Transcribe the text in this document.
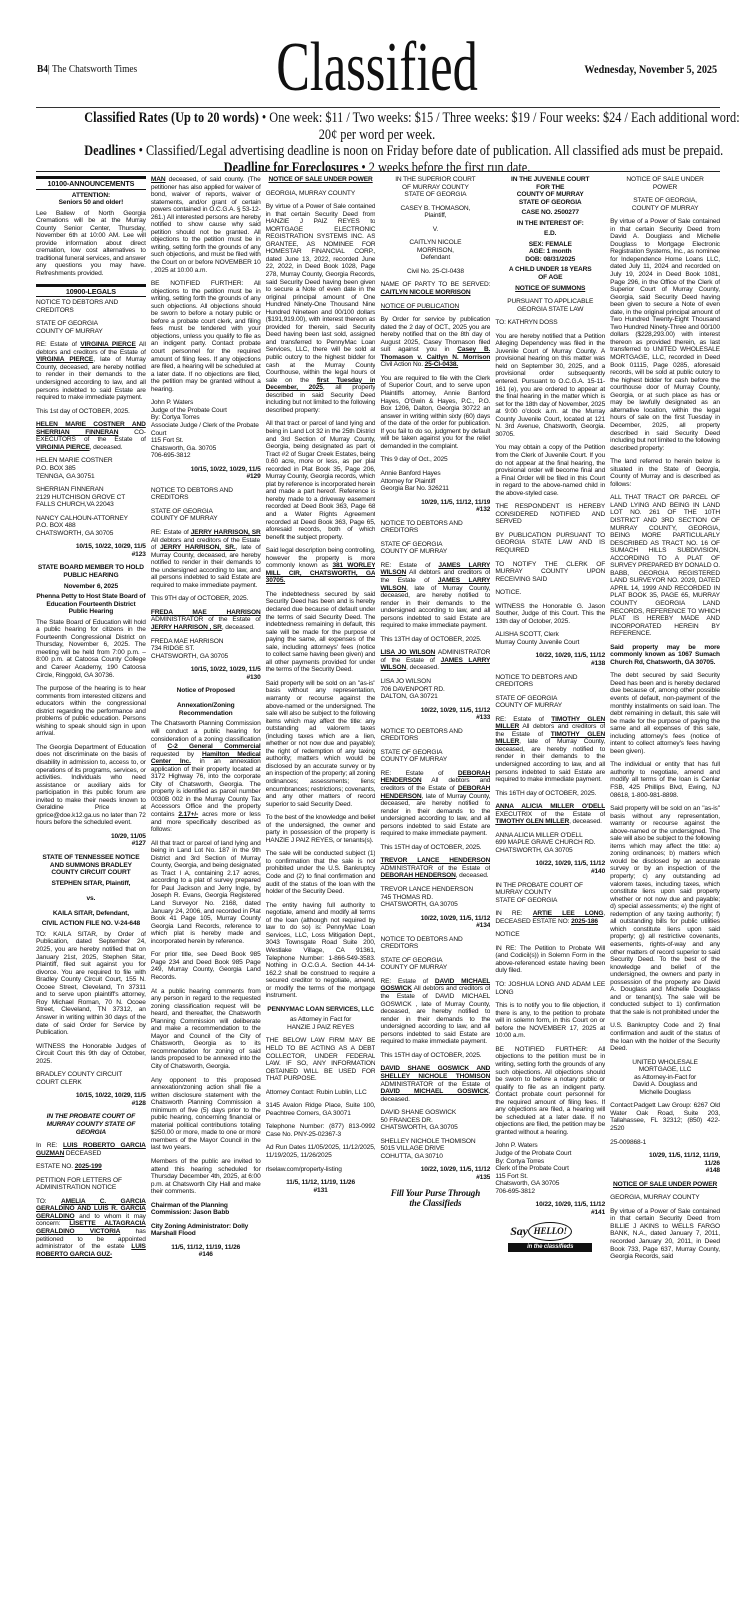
B4| The Chatsworth Times	Classified	Wednesday, November 5, 2025
Classified Rates (Up to 20 words) • One week: $11 / Two weeks: $15 / Three weeks: $19 / Four weeks: $24 / Each additional word:
20¢ per word per week.
Deadlines • Classified/Legal advertising deadline is noon on Friday before date of publication. All classified ads must be prepaid.
Deadline for Foreclosures • 2 weeks before the first run date.
10100-ANNOUNCEMENTS
ATTENTION:
Seniors 50 and older!
Lee Ballew of North Georgia Cremations will be at the Murray County Senior Center, Thursday, November 6th at 10:00 AM. Lee will provide information about direct cremation, low cost alternatives to traditional funeral services, and answer any questions you may have. Refreshments provided.
10900-LEGALS
NOTICE TO DEBTORS AND CREDITORS
STATE OF GEORGIA
COUNTY OF MURRAY
RE: Estate of VIRGINIA PIERCE All debtors and creditors of the Estate of VIRGINIA PIERCE, late of Murray County, deceased, are hereby notified to render in their demands to the undersigned according to law, and all persons indebted to said Estate are required to make immediate payment.
This 1st day of OCTOBER, 2025.
HELEN MARIE COSTNER AND SHERRIAN FINNERAN CO-EXECUTORS of the Estate of VIRGINIA PIERCE, deceased.
HELEN MARIE COSTNER
P.O. BOX 385
TENNGA, GA 30751
SHERRIAN FINNERAN
2129 HUTCHISON GROVE CT
FALLS CHURCH,VA 22043
NANCY CALHOUN-ATTORNEY
P.O. BOX 488
CHATSWORTH, GA 30705
10/15, 10/22, 10/29, 11/5
#123
STATE BOARD MEMBER TO HOLD PUBLIC HEARING
November 6, 2025
Phenna Petty to Host State Board of Education Fourteenth District Public Hearing
The State Board of Education will hold a public hearing for citizens in the Fourteenth Congressional District on Thursday, November 6, 2025. The meeting will be held from 7:00 p.m. – 8:00 p.m. at Catoosa County College and Career Academy, 190 Catoosa Circle, Ringgold, GA 30736.
The purpose of the hearing is to hear comments from interested citizens and educators within the congressional district regarding the performance and problems of public education. Persons wishing to speak should sign in upon arrival.
The Georgia Department of Education does not discriminate on the basis of disability in admission to, access to, or operations of its programs, services, or activities. Individuals who need assistance or auxiliary aids for participation in this public forum are invited to make their needs known to Geraldine Price at gprice@doe.k12.ga.us no later than 72 hours before the scheduled event.
10/29, 11/05
#127
STATE OF TENNESSEE NOTICE AND SUMMONS BRADLEY COUNTY CIRCUIT COURT
STEPHEN SITAR, Plaintiff,

vs.

KAILA SITAR, Defendant,
CIVIL ACTION FILE NO. V-24-648
TO: KAILA SITAR, by Order of Publication, dated September 24, 2025, you are hereby notified that on January 21st, 2025, Stephen Sitar, Plaintiff, filed suit against you for divorce. You are required to file with Bradley County Circuit Court, 155 N. Ocoee Street, Cleveland, Tn 37311 and to serve upon plaintiff's attorney, Roy Michael Roman, 70 N. Ocoee Street, Cleveland, TN 37312, an Answer in writing within 30 days of the date of said Order for Service by Publication.
WITNESS the Honorable Judges of Circuit Court this 9th day of October, 2025.
BRADLEY COUNTY CIRCUIT COURT CLERK
10/15, 10/22, 10/29, 11/5
#128
IN THE PROBATE COURT OF MURRAY COUNTY STATE OF GEORGIA
In RE: LUIS ROBERTO GARCIA GUZMAN DECEASED
ESTATE NO. 2025-199
PETITION FOR LETTERS OF ADMINISTRATION NOTICE
TO: AMELIA C. GARCIA GERALDINO AND LUIS R. GARCIA GERALDINO and to whom it may concern: LISETTE ALTAGRACIA GERALDINO VICTORIA has petitioned to be appointed administrator of the estate LUIS ROBERTO GARCIA GUZ-
MAN deceased, of said county. (The petitioner has also applied for waiver of bond, waiver of reports, waiver of statements, and/or grant of certain powers contained in O.C.G.A. § 53-12-261.) All interested persons are hereby notified to show cause why said petition should not be granted. All objections to the petition must be in writing, setting forth the grounds of any such objections, and must be filed with the Court on or before NOVEMBER 10 , 2025 at 10:00 a.m.
BE NOTIFIED FURTHER: All objections to the petition must be in writing, setting forth the grounds of any such objections. All objections should be sworn to before a notary public or before a probate court clerk, and filing fees must be tendered with your objections, unless you qualify to file as an indigent party. Contact probate court personnel for the required amount of filing fees. If any objections are filed, a hearing will be scheduled at a later date. If no objections are filed, the petition may be granted without a hearing.
John P. Waters
Judge of the Probate Court
By: Cortya Torres
Associate Judge / Clerk of the Probate Court
115 Fort St.
Chatsworth, Ga. 30705
706-695-3812
10/15, 10/22, 10/29, 11/5
#129
NOTICE TO DEBTORS AND CREDITORS
STATE OF GEORGIA
COUNTY OF MURRAY
RE: Estate of JERRY HARRISON, SR All debtors and creditors of the Estate of JERRY HARRISON, SR., late of Murray County, deceased, are hereby notified to render in their demands to the undersigned according to law, and all persons indebted to said Estate are required to make immediate payment.
This 9TH day of OCTOBER, 2025.
FREDA MAE HARRISON ADMINISTRATOR of the Estate of JERRY HARRISON , SR, deceased.
FREDA MAE HARRISON
734 RIDGE ST.
CHATSWORTH, GA 30705
10/15, 10/22, 10/29, 11/5
#130
Notice of Proposed

Annexation/Zoning Recommendation
The Chatsworth Planning Commission will conduct a public hearing for consideration of a zoning classification of C-2 General Commercial requested by Hamilton Medical Center Inc. in an annexation application of their property located at 3172 Highway 76, into the corporate City of Chatsworth, Georgia. The property is identified as parcel number 0030B 002 in the Murray County Tax Accessors Office and the property contains 2.17+/- acres more or less and more specifically described as follows:
All that tract or parcel of land lying and being in Land Lot No. 187 in the 9th District and 3rd Section of Murray County, Georgia, and being designated as Tract I A, containing 2.17 acres, according to a plat of survey prepared for Paul Jackson and Jerry Ingle, by Joseph R. Evans, Georgia Registered Land Surveyor No. 2168, dated January 24, 2006, and recorded in Plat Book 41 Page 105, Murray County Georgia Land Records, reference to which plat is hereby made and incorporated herein by reference.
For prior title, see Deed Book 985 Page 234 and Deed Book 985 Page 249, Murray County, Georgia Land Records.
At a public hearing comments from any person in regard to the requested zoning classification request will be heard, and thereafter, the Chatsworth Planning Commission will deliberate and make a recommendation to the Mayor and Council of the City of Chatsworth, Georgia as to its recommendation for zoning of said lands proposed to be annexed into the City of Chatsworth, Georgia.
Any opponent to this proposed annexation/zoning action shall file a written disclosure statement with the Chatsworth Planning Commission a minimum of five (5) days prior to the public hearing, concerning financial or material political contributions totaling $250.00 or more, made to one or more members of the Mayor Council in the last two years.
Members of the public are invited to attend this hearing scheduled for Thursday December 4th, 2025, at 6:00 p.m. at Chatsworth City Hall and make their comments.
Chairman of the Planning Commission: Jason Babb
City Zoning Administrator: Dolly Marshall Flood
11/5, 11/12, 11/19, 11/26
#146
NOTICE OF SALE UNDER POWER
GEORGIA, MURRAY COUNTY
By virtue of a Power of Sale contained in that certain Security Deed from HANZIE J PAIZ REYES to MORTGAGE ELECTRONIC REGISTRATION SYSTEMS INC. AS GRANTEE, AS NOMINEE FOR HOMESTAR FINANCIAL CORP., dated June 13, 2022, recorded June 22, 2022, in Deed Book 1028, Page 278, Murray County, Georgia Records, said Security Deed having been given to secure a Note of even date in the original principal amount of One Hundred Ninety-One Thousand Nine Hundred Nineteen and 00/100 dollars ($191,919.00), with interest thereon as provided for therein, said Security Deed having been last sold, assigned and transferred to PennyMac Loan Services, LLC, there will be sold at public outcry to the highest bidder for cash at the Murray County Courthouse, within the legal hours of sale on the first Tuesday in December, 2025, all property described in said Security Deed including but not limited to the following described property:
All that tract or parcel of land lying and being in Land Lot 32 in the 25th District and 3rd Section of Murray County, Georgia, being designated as part of Tract #2 of Sugar Creek Estates, being 0.60 acre, more or less, as per plat recorded in Plat Book 35, Page 206, Murray County, Georgia records, which plat by reference is incorporated herein and made a part hereof. Reference is hereby made to a driveway easement recorded at Deed Book 363, Page 68 and a Water Rights Agreement recorded at Deed Book 363, Page 65, aforesaid records, both of which benefit the subject property.
Said legal description being controlling, however the property is more commonly known as 381 WORLEY MILL CIR, CHATSWORTH, GA 30705.
The indebtedness secured by said Security Deed has been and is hereby declared due because of default under the terms of said Security Deed. The indebtedness remaining in default, this sale will be made for the purpose of paying the same, all expenses of the sale, including attorneys' fees (notice to collect same having been given) and all other payments provided for under the terms of the Security Deed.
Said property will be sold on an "as-is" basis without any representation, warranty or recourse against the above-named or the undersigned. The sale will also be subject to the following items which may affect the title: any outstanding ad valorem taxes (including taxes which are a lien, whether or not now due and payable); the right of redemption of any taxing authority; matters which would be disclosed by an accurate survey or by an inspection of the property; all zoning ordinances; assessments; liens; encumbrances; restrictions; covenants, and any other matters of record superior to said Security Deed.
To the best of the knowledge and belief of the undersigned, the owner and party in possession of the property is HANZIE J PAIZ REYES, or tenants(s).
The sale will be conducted subject (1) to confirmation that the sale is not prohibited under the U.S. Bankruptcy Code and (2) to final confirmation and audit of the status of the loan with the holder of the Security Deed.
The entity having full authority to negotiate, amend and modify all terms of the loan (although not required by law to do so) is: PennyMac Loan Services, LLC, Loss Mitigation Dept., 3043 Townsgate Road Suite 200, Westlake Village, CA 91361, Telephone Number: 1-866-549-3583. Nothing in O.C.G.A. Section 44-14-162.2 shall be construed to require a secured creditor to negotiate, amend, or modify the terms of the mortgage instrument.
PENNYMAC LOAN SERVICES, LLC
as Attorney in Fact for
HANZIE J PAIZ REYES
THE BELOW LAW FIRM MAY BE HELD TO BE ACTING AS A DEBT COLLECTOR, UNDER FEDERAL LAW. IF SO, ANY INFORMATION OBTAINED WILL BE USED FOR THAT PURPOSE.
Attorney Contact: Rubin Lublin, LLC
3145 Avalon Ridge Place, Suite 100, Peachtree Corners, GA 30071
Telephone Number: (877) 813-0992 Case No. PNY-25-02367-3
Ad Run Dates 11/05/2025, 11/12/2025, 11/19/2025, 11/26/2025
rlselaw.com/property-listing
11/5, 11/12, 11/19, 11/26
#131
IN THE SUPERIOR COURT
OF MURRAY COUNTY
STATE OF GEORGIA
CASEY B. THOMASON,
Plaintiff,
V.
CAITLYN NICOLE
MORRISON,
Defendant
Civil No. 25-CI-0438
NAME OF PARTY TO BE SERVED: CAITLYN NICOLE MORRISON
NOTICE OF PUBLICATION
By Order for service by publication dated the 2 day of OCT., 2025 you are hereby notified that on the 8th day of August 2025, Casey Thomason filed suit against you in Casey B. Thomason v. Caitlyn N. Morrison Civil Action No. 25-CI-0438.
You are required to file with the Clerk of Superior Court, and to serve upon Plaintiffs attorney, Annie Banford Hayes, O'Gwin & Hayes, P.C., P.O. Box 1206, Dalton, Georgia 30722 an answer in writing within sixty (60) days of the date of the order for publication. If you fail to do so, judgment by default will be taken against you for the relief demanded in the complaint.
This 9 day of Oct., 2025
Annie Banford Hayes
Attorney for Plaintiff
Georgia Bar No. 326211
10/29, 11/5, 11/12, 11/19
#132
NOTICE TO DEBTORS AND CREDITORS
STATE OF GEORGIA
COUNTY OF MURRAY
RE: Estate of JAMES LARRY WILSON All debtors and creditors of the Estate of JAMES LARRY WILSON, late of Murray County, deceased, are hereby notified to render in their demands to the undersigned according to law, and all persons indebted to said Estate are required to make immediate payment.
This 13TH day of OCTOBER, 2025.
LISA JO WILSON ADMINISTRATOR of the Estate of JAMES LARRY WILSON, deceased.
LISA JO WILSON
706 DAVENPORT RD.
DALTON, GA 30721
10/22, 10/29, 11/5, 11/12
#133
NOTICE TO DEBTORS AND CREDITORS
STATE OF GEORGIA
COUNTY OF MURRAY
RE: Estate of DEBORAH HENDERSON All debtors and creditors of the Estate of DEBORAH HENDERSON, late of Murray County, deceased, are hereby notified to render in their demands to the undersigned according to law, and all persons indebted to said Estate are required to make immediate payment.
This 15TH day of OCTOBER, 2025.
TREVOR LANCE HENDERSON ADMINISTRATOR of the Estate of DEBORAH HENDERSON, deceased.
TREVOR LANCE HENDERSON
745 THOMAS RD.
CHATSWORTH, GA 30705
10/22, 10/29, 11/5, 11/12
#134
NOTICE TO DEBTORS AND CREDITORS
STATE OF GEORGIA
COUNTY OF MURRAY
RE: Estate of DAVID MICHAEL GOSWICK All debtors and creditors of the Estate of DAVID MICHAEL GOSWICK , late of Murray County, deceased, are hereby notified to render in their demands to the undersigned according to law, and all persons indebted to said Estate are required to make immediate payment.
This 15TH day of OCTOBER, 2025.
DAVID SHANE GOSWICK AND SHELLEY NICHOLE THOMISON ADMINISTRATOR of the Estate of DAVID MICHAEL GOSWICK, deceased.
DAVID SHANE GOSWICK
50 FRANCES DR.
CHATSWORTH, GA 30705
SHELLEY NICHOLE THOMISON
5015 VILLAGE DRIVE
COHUTTA, GA 30710
10/22, 10/29, 11/5, 11/12
#135
Fill Your Purse Through
the Classifieds
IN THE JUVENILE COURT
FOR THE
COUNTY OF MURRAY
STATE OF GEORGIA
CASE NO. 2500277
IN THE INTEREST OF:
E.D.
SEX: FEMALE
AGE: 1 month
DOB: 08/31/2025
A CHILD UNDER 18 YEARS
OF AGE
NOTICE OF SUMMONS
PURSUANT TO APPLICABLE
GEORGIA STATE LAW
TO: KATHRYN DOSS
You are hereby notified that a Petition Alleging Dependency was filed in the Juvenile Court of Murray County. A provisional hearing on this matter was held on September 30, 2025, and a provisional order subsequently entered. Pursuant to O.C.G.A. 15-11-161 (e), you are ordered to appear at the final hearing in the matter which is set for the 18th day of November, 2025 at 9:00 o'clock a.m. at the Murray County Juvenile Court, located at 121 N. 3rd Avenue, Chatsworth, Georgia. 30705.
You may obtain a copy of the Petition from the Clerk of Juvenile Court. If you do not appear at the final hearing, the provisional order will become final and a Final Order will be filed in this Court in regard to the above-named child in the above-styled case.
THE RESPONDENT IS HEREBY CONSIDERED NOTIFIED AND SERVED
BY PUBLICATION PURSUANT TO GEORGIA STATE LAW AND IS REQUIRED
TO NOTIFY THE CLERK OF MURRAY COUNTY UPON RECEIVING SAID
NOTICE.
WITNESS the Honorable G. Jason Souther, Judge of this Court. This the 13th day of October, 2025.
ALISHA SCOTT, Clerk
Murray County Juvenile Court
10/22, 10/29, 11/5, 11/12
#138
NOTICE TO DEBTORS AND CREDITORS
STATE OF GEORGIA
COUNTY OF MURRAY
RE: Estate of TIMOTHY GLEN MILLER All debtors and creditors of the Estate of TIMOTHY GLEN MILLER, late of Murray County, deceased, are hereby notified to render in their demands to the undersigned according to law, and all persons indebted to said Estate are required to make immediate payment.
This 16TH day of OCTOBER, 2025.
ANNA ALICIA MILLER O'DELL EXECUTRIX of the Estate of TIMOTHY GLEN MILLER, deceased.
ANNA ALICIA MILLER O'DELL
699 MAPLE GRAVE CHURCH RD.
CHATSWORTH, GA 30705
10/22, 10/29, 11/5, 11/12
#140
IN THE PROBATE COURT OF
MURRAY COUNTY
STATE OF GEORGIA
IN RE: ARTIE LEE LONG, DECEASED ESTATE NO: 2025-186
NOTICE
IN RE: The Petition to Probate Will (and Codicil(s)) in Solemn Form in the above-referenced estate having been duly filed.
TO: JOSHUA LONG AND ADAM LEE LONG
This is to notify you to file objection, if there is any, to the petition to probate will in solemn form, in this Court on or before the NOVEMBER 17, 2025 at 10:00 a.m.
BE NOTIFIED FURTHER: All objections to the petition must be in writing, setting forth the grounds of any such objections. All objections should be sworn to before a notary public or qualify to file as an indigent party. Contact probate court personnel for the required amount of filing fees. If any objections are filed, a hearing will be scheduled at a later date. If no objections are filed, the petition may be granted without a hearing.
John P. Waters
Judge of the Probate Court
By: Cortya Torres
Clerk of the Probate Court
115 Fort St.
Chatsworth, GA 30705
706-695-3812
10/22, 10/29, 11/5, 11/12
#141
Say HELLO!
in the classifieds
NOTICE OF SALE UNDER
POWER
STATE OF GEORGIA,
COUNTY OF MURRAY
By virtue of a Power of Sale contained in that certain Security Deed from David A. Douglass and Michelle Douglass to Mortgage Electronic Registration Systems, Inc., as nominee for Independence Home Loans LLC, dated July 11, 2024 and recorded on July 19, 2024 in Deed Book 1081, Page 296, in the Office of the Clerk of Superior Court of Murray County, Georgia, said Security Deed having been given to secure a Note of even date, in the original principal amount of Two Hundred Twenty-Eight Thousand Two Hundred Ninety-Three and 00/100 dollars ($228,293.00) with interest thereon as provided therein, as last transferred to UNITED WHOLESALE MORTGAGE, LLC, recorded in Deed Book 01115, Page 0285, aforesaid records, will be sold at public outcry to the highest bidder for cash before the courthouse door of Murray County, Georgia, or at such place as has or may be lawfully designated as an alternative location, within the legal hours of sale on the first Tuesday in December, 2025, all property described in said Security Deed including but not limited to the following described property:
The land referred to herein below is situated in the State of Georgia, County of Murray and is described as follows:
ALL THAT TRACT OR PARCEL OF LAND LYING AND BEING IN LAND LOT NO. 261 OF THE 10TH DISTRICT AND 3RD SECTION OF MURRAY COUNTY, GEORGIA, BEING MORE PARTICULARLY DESCRIBED AS TRACT NO. 16 OF SUMACH HILLS SUBDIVISION, ACCORDING TO A PLAT OF SURVEY PREPARED BY DONALD O. BABB, GEORGIA REGISTERED LAND SURVEYOR NO. 2029, DATED APRIL 14, 1999 AND RECORDED IN PLAT BOOK 35, PAGE 65, MURRAY COUNTY GEORGIA LAND RECORDS, REFERENCE TO WHICH PLAT IS HEREBY MADE AND INCORPORATED HEREIN BY REFERENCE.
Said property may be more commonly known as 1067 Sumach Church Rd, Chatsworth, GA 30705.
The debt secured by said Security Deed has been and is hereby declared due because of, among other possible events of default, non-payment of the monthly installments on said loan. The debt remaining in default, this sale will be made for the purpose of paying the same and all expenses of this sale, including attorney's fees (notice of intent to collect attorney's fees having been given).
The individual or entity that has full authority to negotiate, amend and modify all terms of the loan is Cenlar FSB, 425 Phillips Blvd, Ewing, NJ 08618, 1-800-981-8898.
Said property will be sold on an "as-is" basis without any representation, warranty or recourse against the above-named or the undersigned. The sale will also be subject to the following items which may affect the title: a) zoning ordinances; b) matters which would be disclosed by an accurate survey or by an inspection of the property; c) any outstanding ad valorem taxes, including taxes, which constitute liens upon said property whether or not now due and payable; d) special assessments; e) the right of redemption of any taxing authority; f) all outstanding bills for public utilities which constitute liens upon said property; g) all restrictive covenants, easements, rights-of-way and any other matters of record superior to said Security Deed. To the best of the knowledge and belief of the undersigned, the owners and party in possession of the property are David A. Douglass and Michelle Douglass and or tenant(s). The sale will be conducted subject to 1) confirmation that the sale is not prohibited under the
U.S. Bankruptcy Code and 2) final confirmation and audit of the status of the loan with the holder of the Security Deed.
UNITED WHOLESALE
MORTGAGE, LLC
as Attorney-in-Fact for
David A. Douglass and
Michelle Douglass
Contact:Padgett Law Group: 6267 Old Water Oak Road, Suite 203, Tallahassee, FL 32312; (850) 422-2520
25-009868-1
10/29, 11/5, 11/12, 11/19,
11/26
#148
NOTICE OF SALE UNDER POWER
GEORGIA, MURRAY COUNTY
By virtue of a Power of Sale contained in that certain Security Deed from BILLIE J AKINS to WELLS FARGO BANK, N.A., dated January 7, 2011, recorded January 20, 2011, in Deed Book 733, Page 637, Murray County, Georgia Records, said
